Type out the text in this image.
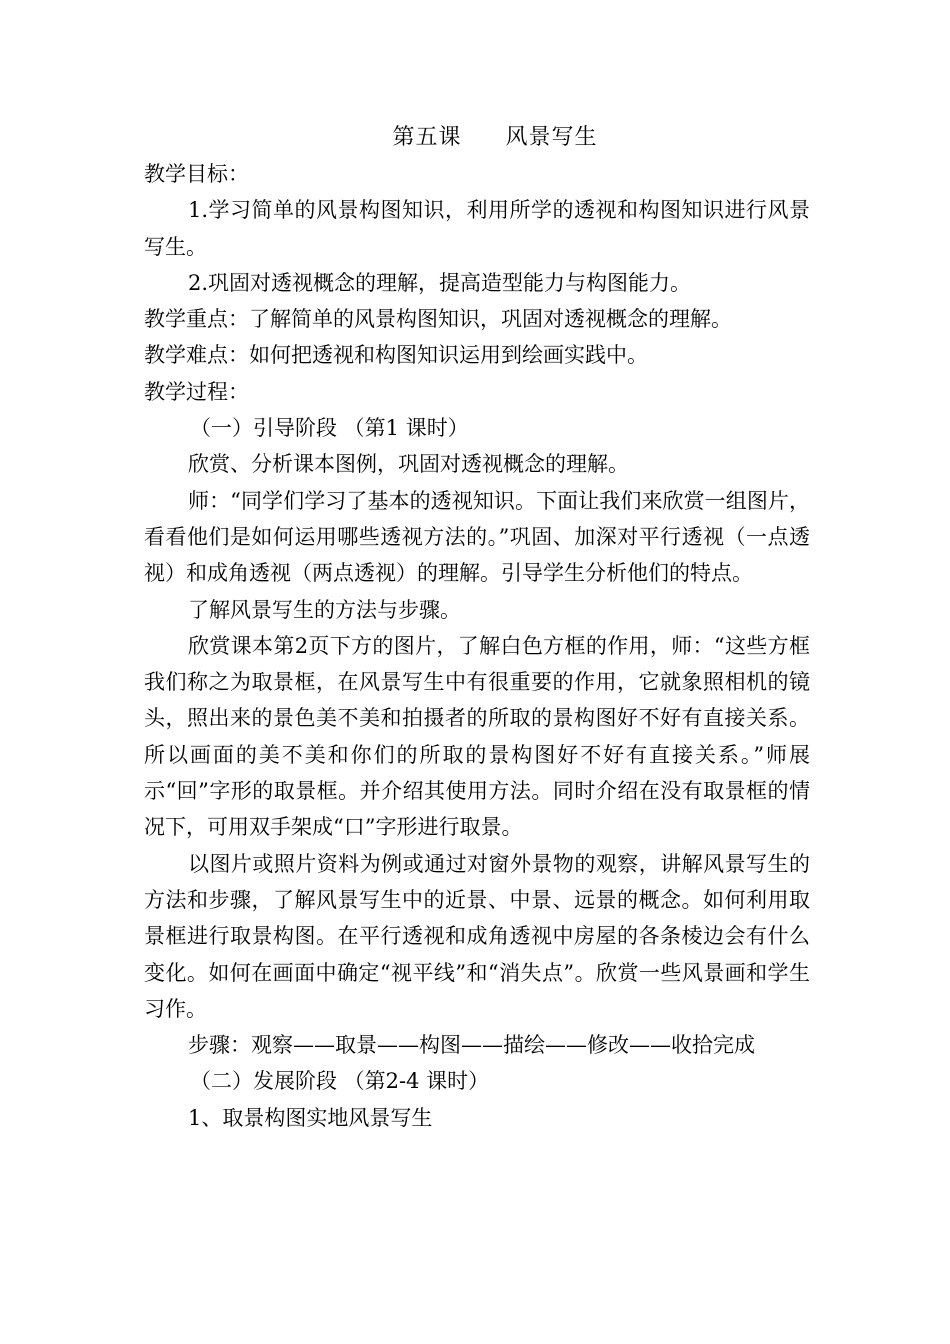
第五课 风景写生

教学目标：

1.学习简单的风景构图知识，利用所学的透视和构图知识进行风景写生。

2.巩固对透视概念的理解，提高造型能力与构图能力。

教学重点：了解简单的风景构图知识，巩固对透视概念的理解。

教学难点：如何把透视和构图知识运用到绘画实践中。

教学过程：

（一）引导阶段 （第1 课时）

欣赏、分析课本图例，巩固对透视概念的理解。

师：“同学们学习了基本的透视知识。下面让我们来欣赏一组图片，看看他们是如何运用哪些透视方法的。”巩固、加深对平行透视（一点透视）和成角透视（两点透视）的理解。引导学生分析他们的特点。

了解风景写生的方法与步骤。

欣赏课本第2页下方的图片，了解白色方框的作用，师：“这些方框我们称之为取景框，在风景写生中有很重要的作用，它就象照相机的镜头，照出来的景色美不美和拍摄者的所取的景构图好不好有直接关系。所以画面的美不美和你们的所取的景构图好不好有直接关系。”师展示“回”字形的取景框。并介绍其使用方法。同时介绍在没有取景框的情况下，可用双手架成“口”字形进行取景。

以图片或照片资料为例或通过对窗外景物的观察，讲解风景写生的方法和步骤，了解风景写生中的近景、中景、远景的概念。如何利用取景框进行取景构图。在平行透视和成角透视中房屋的各条棱边会有什么变化。如何在画面中确定“视平线”和“消失点”。欣赏一些风景画和学生习作。

步骤：观察——取景——构图——描绘——修改——收拾完成

（二）发展阶段 （第2-4 课时）

1、取景构图实地风景写生
